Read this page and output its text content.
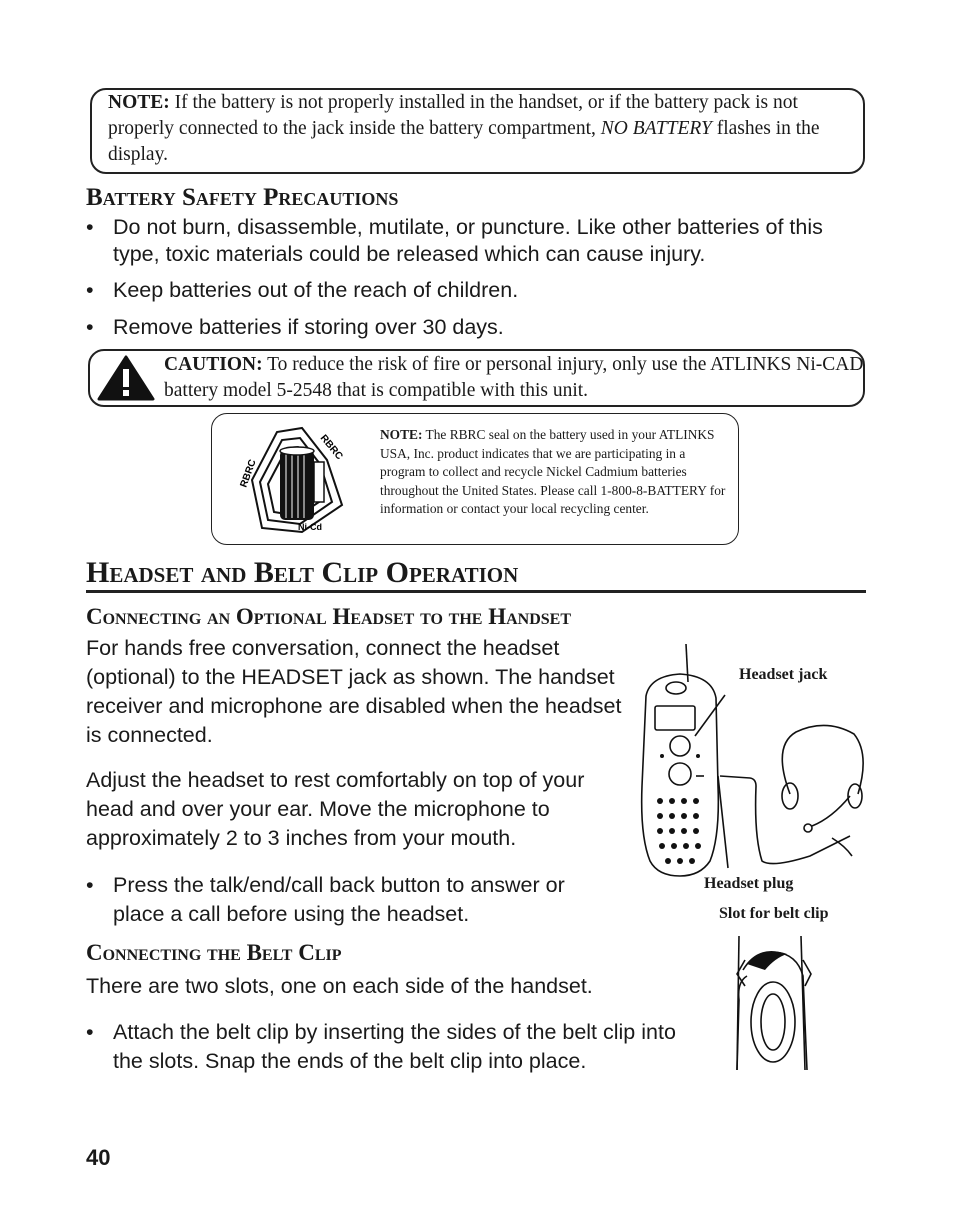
NOTE: If the battery is not properly installed in the handset, or if the battery pack is not properly connected to the jack inside the battery compartment, NO BATTERY flashes in the display.
Battery Safety Precautions

• Do not burn, disassemble, mutilate, or puncture. Like other batteries of this type, toxic materials could be released which can cause injury.

• Keep batteries out of the reach of children.

• Remove batteries if storing over 30 days.

CAUTION: To reduce the risk of fire or personal injury, only use the ATLINKS Ni-CAD battery model 5-2548 that is compatible with this unit.
RBRC
RBRC
Ni-Cd
NOTE: The RBRC seal on the battery used in your ATLINKS USA, Inc. product indicates that we are participating in a program to collect and recycle Nickel Cadmium batteries throughout the United States. Please call 1-800-8-BATTERY for information or contact your local recycling center.
Headset and Belt Clip Operation
Connecting an Optional Headset to the Handset
For hands free conversation, connect the headset (optional) to the HEADSET jack as shown. The handset receiver and microphone are disabled when the headset is connected.
Adjust the headset to rest comfortably on top of your head and over your ear. Move the microphone to approximately 2 to 3 inches from your mouth.

• Press the talk/end/call back button to answer or place a call before using the headset.

Headset jack
Headset plug
Slot for belt clip
Connecting the Belt Clip
There are two slots, one on each side of the handset.

• Attach the belt clip by inserting the sides of the belt clip into the slots. Snap the ends of the belt clip into place.

40
